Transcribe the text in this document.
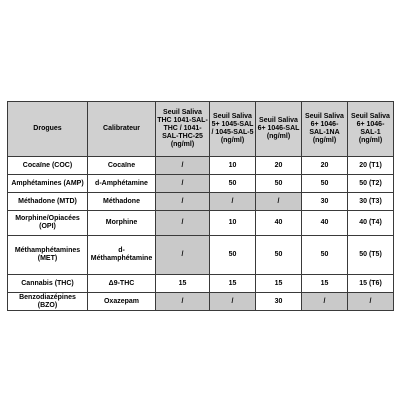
Drogues	Calibrateur	Seuil Saliva THC 1041-SAL-THC / 1041-SAL-THC-25 (ng/ml)	Seuil Saliva 5+ 1045-SAL / 1045-SAL-5 (ng/ml)	Seuil Saliva 6+ 1046-SAL (ng/ml)	Seuil Saliva 6+ 1046-SAL-1NA (ng/ml)	Seuil Saliva 6+ 1046-SAL-1 (ng/ml)
Cocaïne (COC)	Cocaïne	/	10	20	20	20 (T1)
Amphétamines (AMP)	d-Amphétamine	/	50	50	50	50 (T2)
Méthadone (MTD)	Méthadone	/	/	/	30	30 (T3)
Morphine/Opiacées (OPI)	Morphine	/	10	40	40	40 (T4)
Méthamphétamines (MET)	d-Méthamphétamine	/	50	50	50	50 (T5)
Cannabis (THC)	Δ9-THC	15	15	15	15	15 (T6)
Benzodiazépines (BZO)	Oxazepam	/	/	30	/	/
